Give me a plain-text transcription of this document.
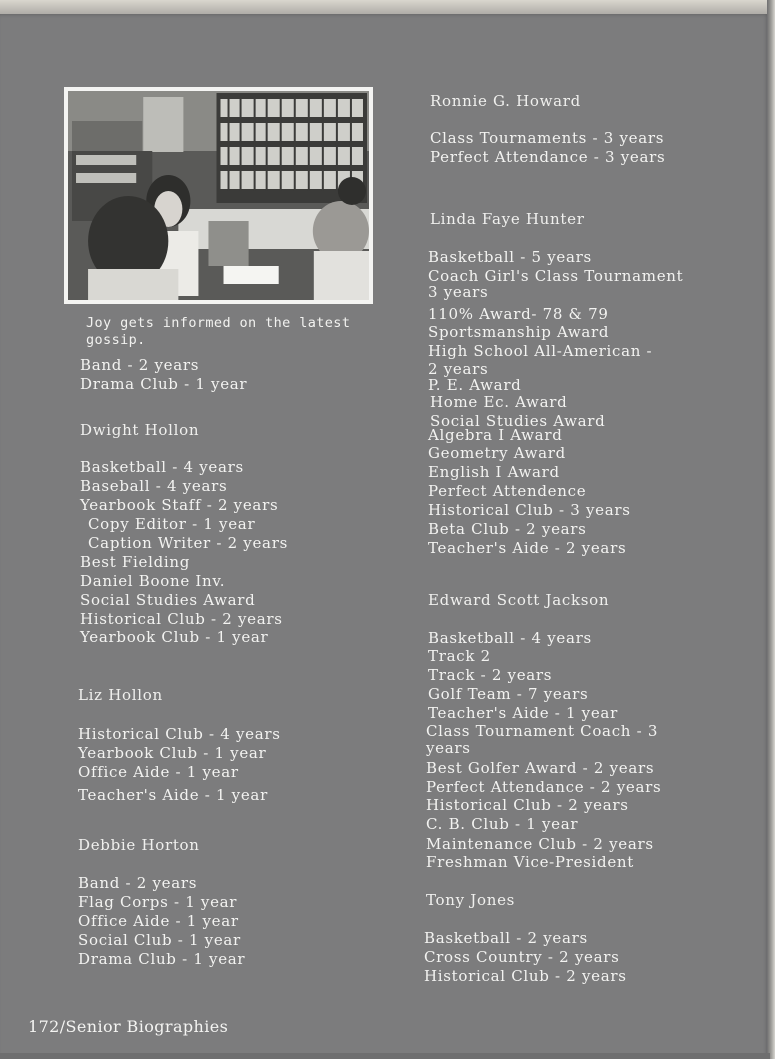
Joy gets informed on the latest gossip.
Band - 2 years
Drama Club - 1 year
Dwight Hollon
Basketball - 4 years
Baseball - 4 years
Yearbook Staff - 2 years
Copy Editor - 1 year
Caption Writer - 2 years
Best Fielding
Daniel Boone Inv.
Social Studies Award
Historical Club - 2 years
Yearbook Club - 1 year
Liz Hollon
Historical Club - 4 years
Yearbook Club - 1 year
Office Aide - 1 year
Teacher's Aide - 1 year
Debbie Horton
Band - 2 years
Flag Corps - 1 year
Office Aide - 1 year
Social Club - 1 year
Drama Club - 1 year
Ronnie G. Howard
Class Tournaments - 3 years
Perfect Attendance - 3 years
Linda Faye Hunter
Basketball - 5 years
Coach Girl's Class Tournament
3 years
110% Award- 78 & 79
Sportsmanship Award
High School All-American -
2 years
P. E. Award
Home Ec. Award
Social Studies Award
Algebra I Award
Geometry Award
English I Award
Perfect Attendence
Historical Club - 3 years
Beta Club - 2 years
Teacher's Aide - 2 years
Edward Scott Jackson
Basketball - 4 years
Track 2
Track - 2 years
Golf Team - 7 years
Teacher's Aide - 1 year
Class Tournament Coach - 3
years
Best Golfer Award - 2 years
Perfect Attendance - 2 years
Historical Club - 2 years
C. B. Club - 1 year
Maintenance Club - 2 years
Freshman Vice-President
Tony Jones
Basketball - 2 years
Cross Country - 2 years
Historical Club - 2 years
172/Senior Biographies
